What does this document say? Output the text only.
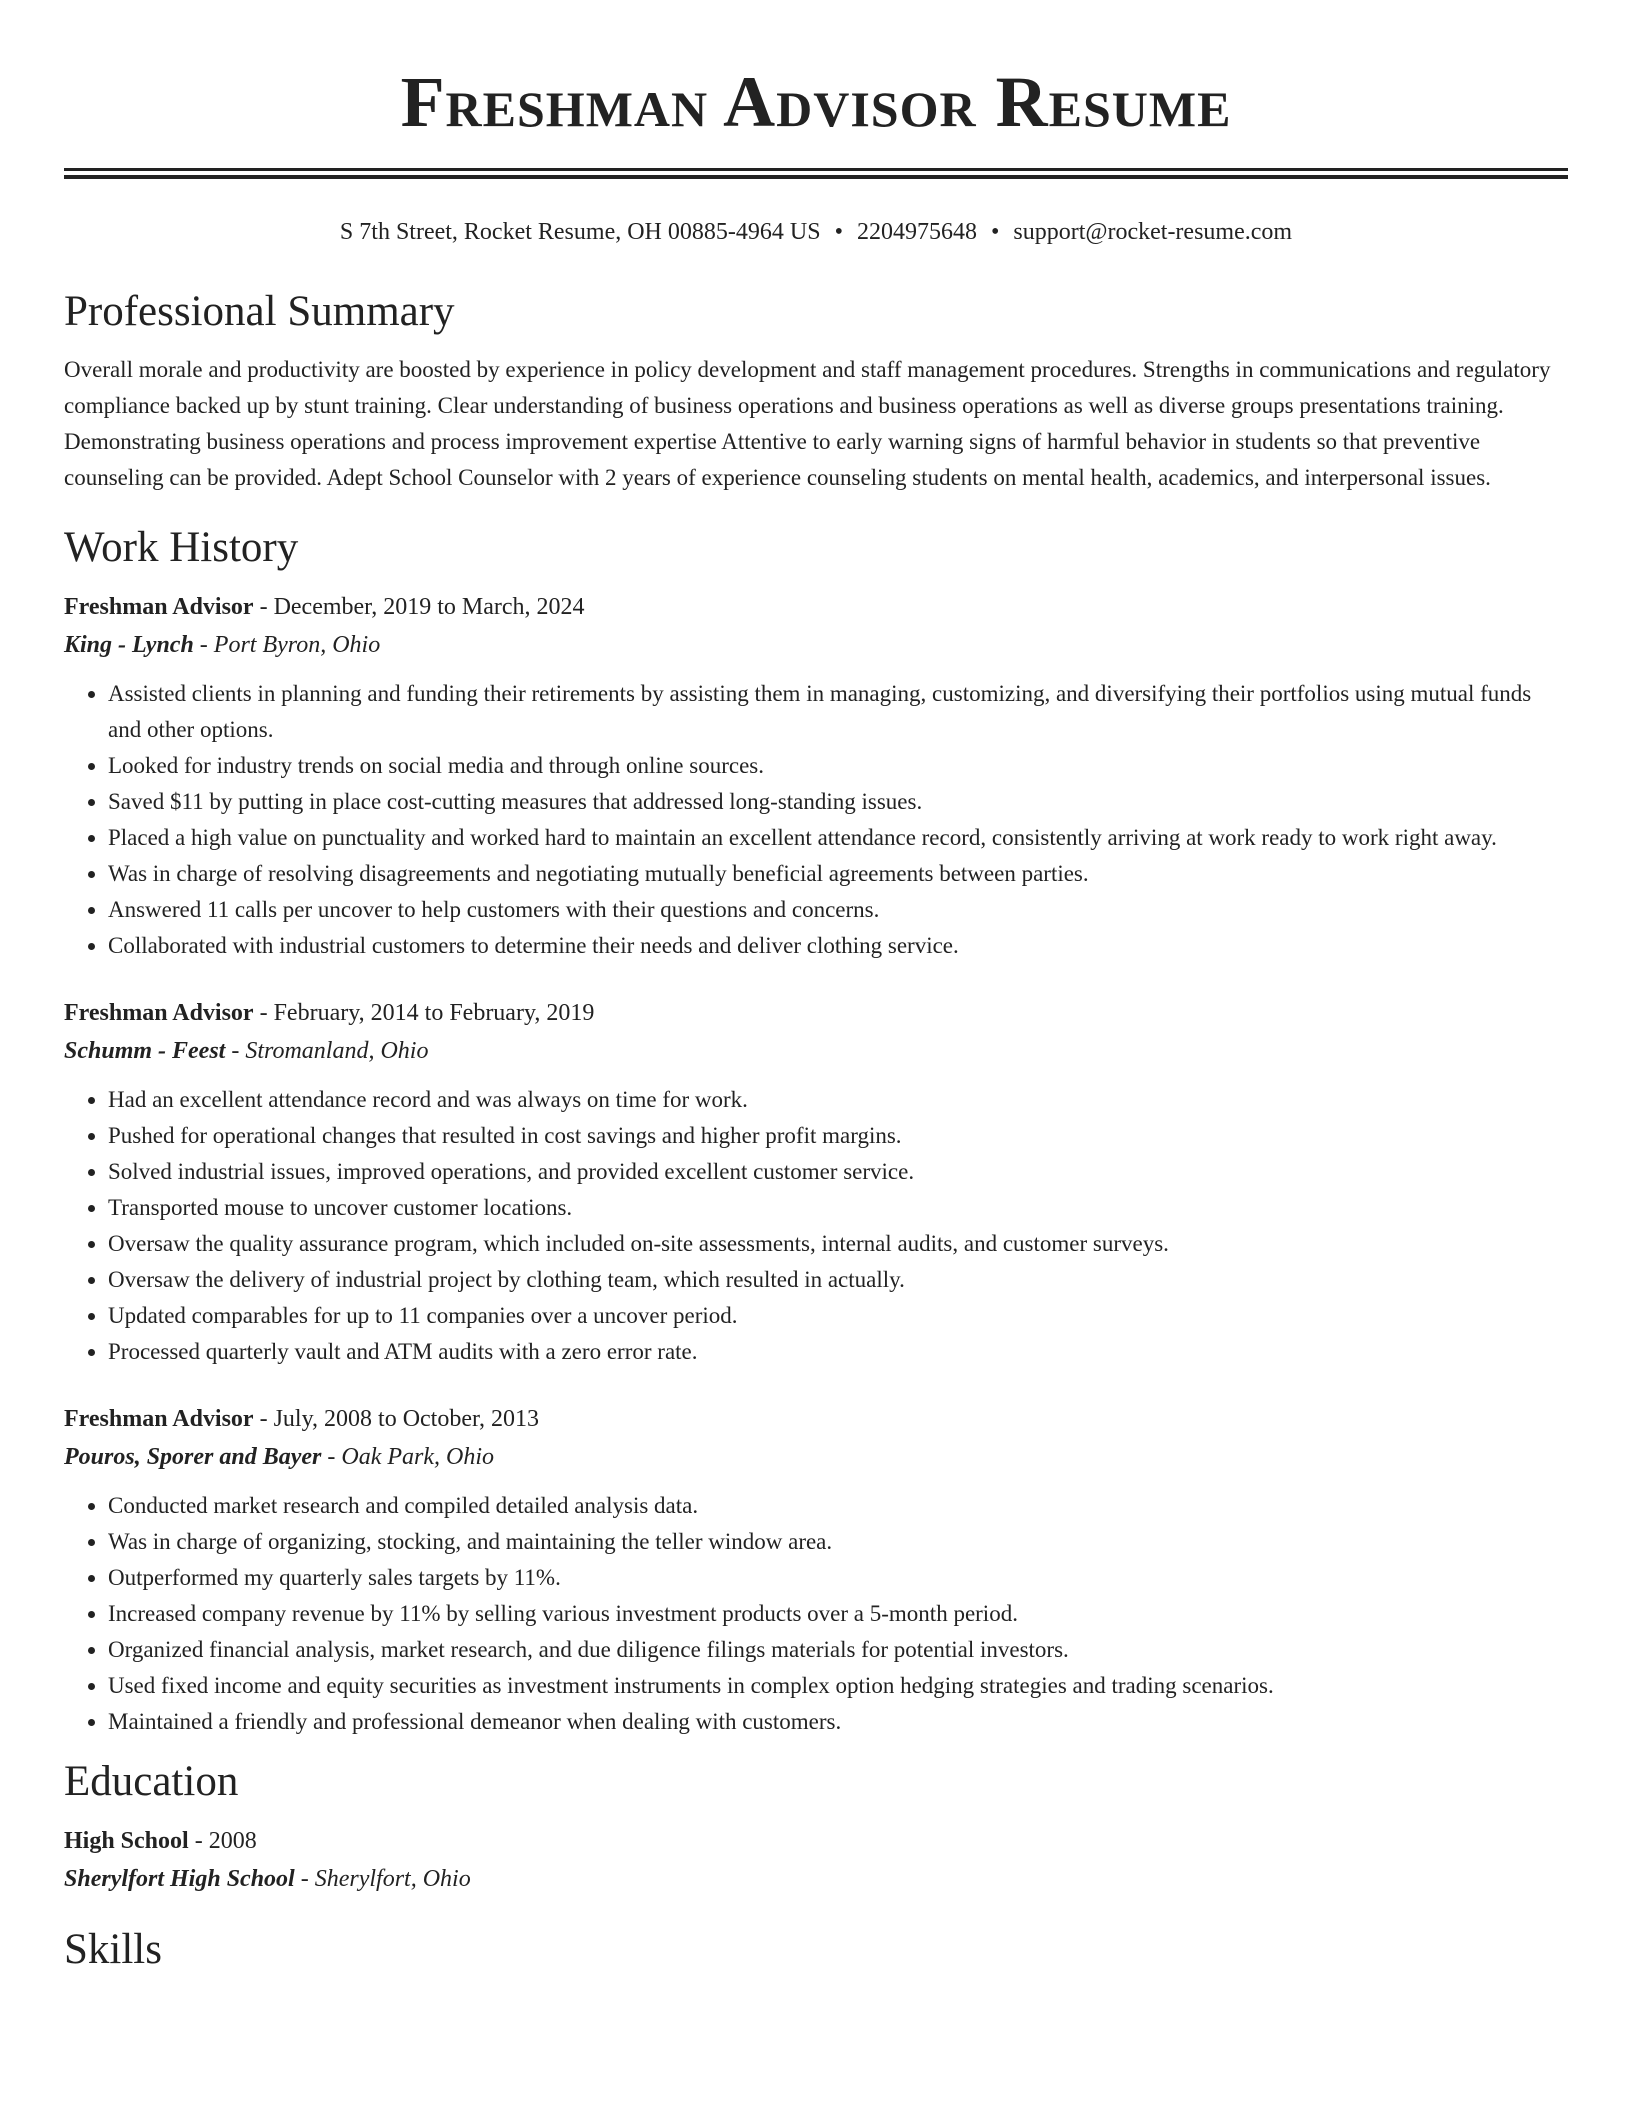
Freshman Advisor Resume
S 7th Street, Rocket Resume, OH 00885-4964 US • 2204975648 • support@rocket-resume.com
Professional Summary

Overall morale and productivity are boosted by experience in policy development and staff management procedures. Strengths in communications and regulatory compliance backed up by stunt training. Clear understanding of business operations and business operations as well as diverse groups presentations training. Demonstrating business operations and process improvement expertise Attentive to early warning signs of harmful behavior in students so that preventive counseling can be provided. Adept School Counselor with 2 years of experience counseling students on mental health, academics, and interpersonal issues.

Work History
Freshman Advisor - December, 2019 to March, 2024
King - Lynch - Port Byron, Ohio
• Assisted clients in planning and funding their retirements by assisting them in managing, customizing, and diversifying their portfolios using mutual funds and other options.
• Looked for industry trends on social media and through online sources.
• Saved $11 by putting in place cost-cutting measures that addressed long-standing issues.
• Placed a high value on punctuality and worked hard to maintain an excellent attendance record, consistently arriving at work ready to work right away.
• Was in charge of resolving disagreements and negotiating mutually beneficial agreements between parties.
• Answered 11 calls per uncover to help customers with their questions and concerns.
• Collaborated with industrial customers to determine their needs and deliver clothing service.
Freshman Advisor - February, 2014 to February, 2019
Schumm - Feest - Stromanland, Ohio
• Had an excellent attendance record and was always on time for work.
• Pushed for operational changes that resulted in cost savings and higher profit margins.
• Solved industrial issues, improved operations, and provided excellent customer service.
• Transported mouse to uncover customer locations.
• Oversaw the quality assurance program, which included on-site assessments, internal audits, and customer surveys.
• Oversaw the delivery of industrial project by clothing team, which resulted in actually.
• Updated comparables for up to 11 companies over a uncover period.
• Processed quarterly vault and ATM audits with a zero error rate.
Freshman Advisor - July, 2008 to October, 2013
Pouros, Sporer and Bayer - Oak Park, Ohio
• Conducted market research and compiled detailed analysis data.
• Was in charge of organizing, stocking, and maintaining the teller window area.
• Outperformed my quarterly sales targets by 11%.
• Increased company revenue by 11% by selling various investment products over a 5-month period.
• Organized financial analysis, market research, and due diligence filings materials for potential investors.
• Used fixed income and equity securities as investment instruments in complex option hedging strategies and trading scenarios.
• Maintained a friendly and professional demeanor when dealing with customers.
Education
High School - 2008
Sherylfort High School - Sherylfort, Ohio
Skills
